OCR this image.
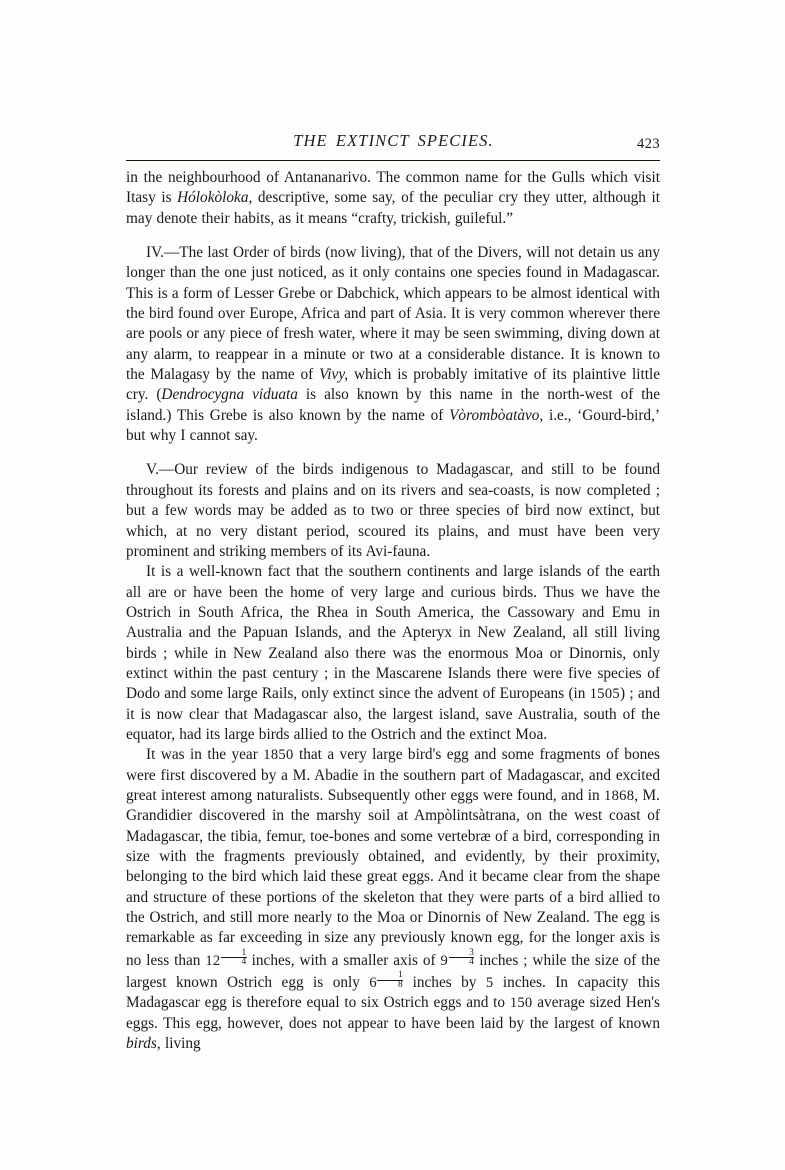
THE EXTINCT SPECIES.	423

in the neighbourhood of Antananarivo. The common name for the Gulls which visit Itasy is Hólokòloka, descriptive, some say, of the peculiar cry they utter, although it may denote their habits, as it means “crafty, trickish, guileful.”

IV.—The last Order of birds (now living), that of the Divers, will not detain us any longer than the one just noticed, as it only contains one species found in Madagascar. This is a form of Lesser Grebe or Dabchick, which appears to be almost identical with the bird found over Europe, Africa and part of Asia. It is very common wherever there are pools or any piece of fresh water, where it may be seen swimming, diving down at any alarm, to reappear in a minute or two at a considerable distance. It is known to the Malagasy by the name of Vivy, which is probably imitative of its plaintive little cry. (Dendrocygna viduata is also known by this name in the north-west of the island.) This Grebe is also known by the name of Vòrombòatàvo, i.e., ‘Gourd-bird,’ but why I cannot say.

V.—Our review of the birds indigenous to Madagascar, and still to be found throughout its forests and plains and on its rivers and sea-coasts, is now completed ; but a few words may be added as to two or three species of bird now extinct, but which, at no very distant period, scoured its plains, and must have been very prominent and striking members of its Avi-fauna.

It is a well-known fact that the southern continents and large islands of the earth all are or have been the home of very large and curious birds. Thus we have the Ostrich in South Africa, the Rhea in South America, the Cassowary and Emu in Australia and the Papuan Islands, and the Apteryx in New Zealand, all still living birds ; while in New Zealand also there was the enormous Moa or Dinornis, only extinct within the past century ; in the Mascarene Islands there were five species of Dodo and some large Rails, only extinct since the advent of Europeans (in 1505) ; and it is now clear that Madagascar also, the largest island, save Australia, south of the equator, had its large birds allied to the Ostrich and the extinct Moa.

It was in the year 1850 that a very large bird's egg and some fragments of bones were first discovered by a M. Abadie in the southern part of Madagascar, and excited great interest among naturalists. Subsequently other eggs were found, and in 1868, M. Grandidier discovered in the marshy soil at Ampòlintsàtrana, on the west coast of Madagascar, the tibia, femur, toe-bones and some vertebræ of a bird, corresponding in size with the fragments previously obtained, and evidently, by their proximity, belonging to the bird which laid these great eggs. And it became clear from the shape and structure of these portions of the skeleton that they were parts of a bird allied to the Ostrich, and still more nearly to the Moa or Dinornis of New Zealand. The egg is remarkable as far exceeding in size any previously known egg, for the longer axis is no less than $12 \frac{1}{4}$ inches, with a smaller axis of $9 \frac{3}{4}$ inches ; while the size of the largest known Ostrich egg is only $6 \frac{1}{8}$ inches by 5 inches. In capacity this Madagascar egg is therefore equal to six Ostrich eggs and to 150 average sized Hen's eggs. This egg, however, does not appear to have been laid by the largest of known birds, living
